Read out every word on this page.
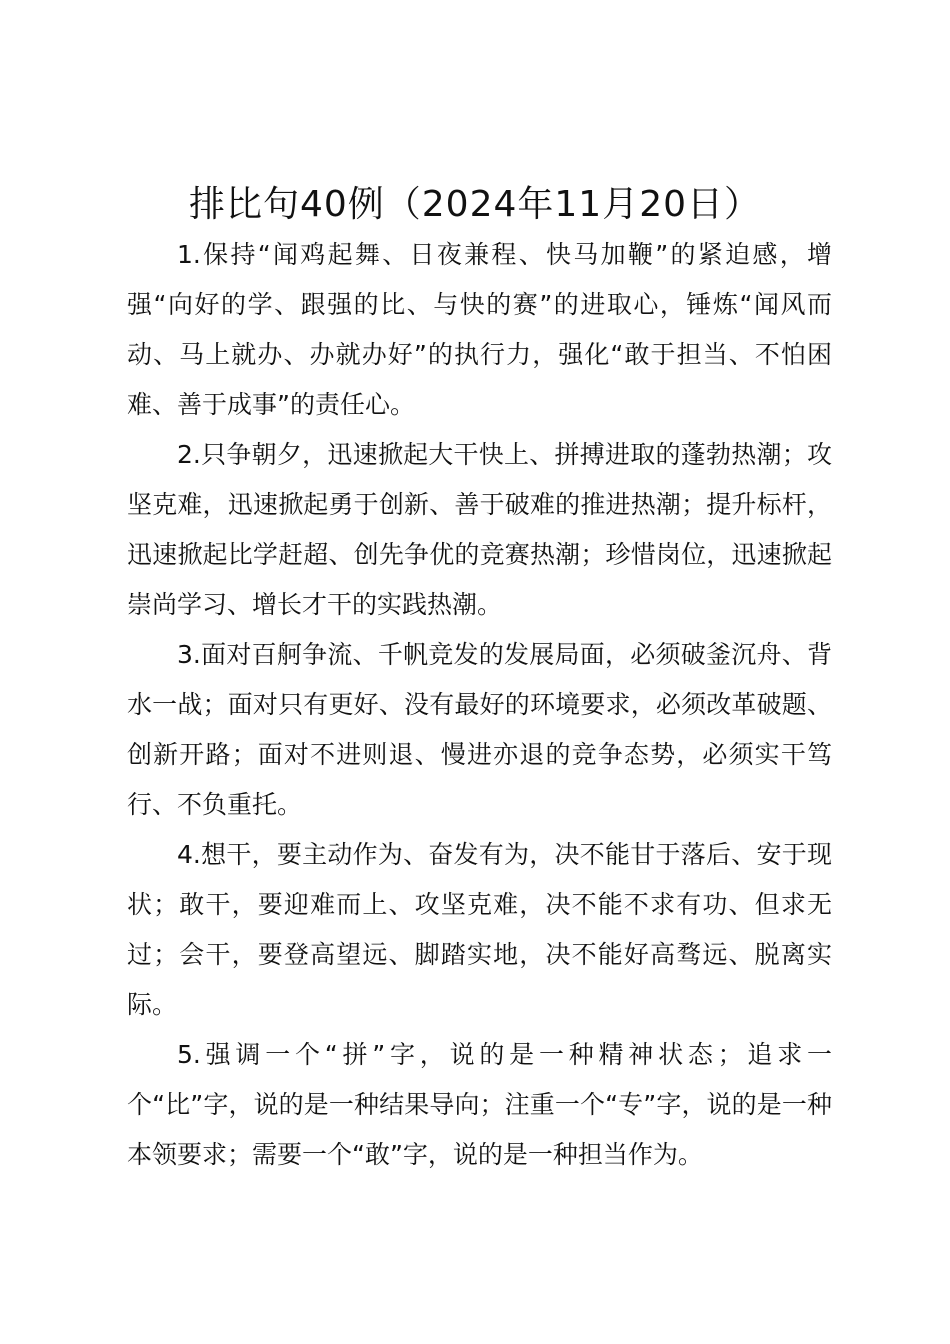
排比句40例（2024年11月20日）

1.保持“闻鸡起舞、日夜兼程、快马加鞭”的紧迫感，增强“向好的学、跟强的比、与快的赛”的进取心，锤炼“闻风而动、马上就办、办就办好”的执行力，强化“敢于担当、不怕困难、善于成事”的责任心。

2.只争朝夕，迅速掀起大干快上、拼搏进取的蓬勃热潮；攻坚克难，迅速掀起勇于创新、善于破难的推进热潮；提升标杆，迅速掀起比学赶超、创先争优的竞赛热潮；珍惜岗位，迅速掀起崇尚学习、增长才干的实践热潮。

3.面对百舸争流、千帆竞发的发展局面，必须破釜沉舟、背水一战；面对只有更好、没有最好的环境要求，必须改革破题、创新开路；面对不进则退、慢进亦退的竞争态势，必须实干笃行、不负重托。

4.想干，要主动作为、奋发有为，决不能甘于落后、安于现状；敢干，要迎难而上、攻坚克难，决不能不求有功、但求无过；会干，要登高望远、脚踏实地，决不能好高骛远、脱离实际。

5.强调一个“拼”字，说的是一种精神状态；追求一个“比”字，说的是一种结果导向；注重一个“专”字，说的是一种本领要求；需要一个“敢”字，说的是一种担当作为。
